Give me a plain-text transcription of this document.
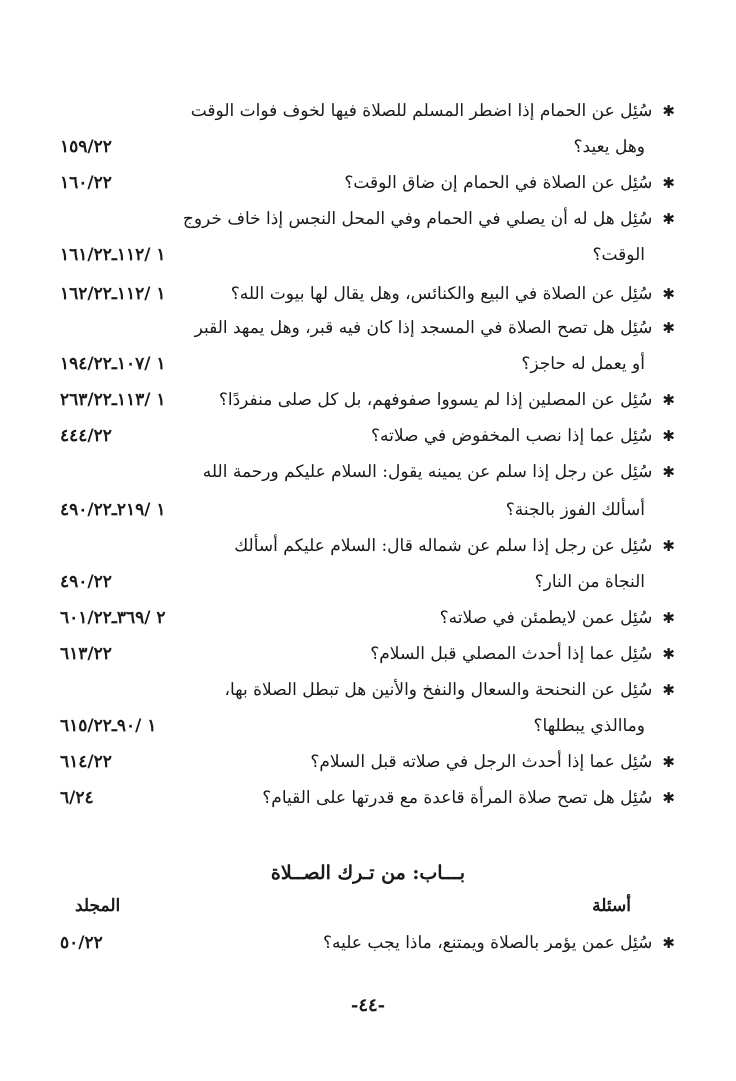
✱سُئِل عن الحمام إذا اضطر المسلم للصلاة فيها لخوف فوات الوقت
وهل يعيد؟
١٥٩/٢٢
✱سُئِل عن الصلاة في الحمام إن ضاق الوقت؟
١٦٠/٢٢
✱سُئِل هل له أن يصلي في الحمام وفي المحل النجس إذا خاف خروج
الوقت؟
١ /١١٢ـ١٦١/٢٢
✱سُئِل عن الصلاة في البيع والكنائس، وهل يقال لها بيوت الله؟
١ /١١٢ـ١٦٢/٢٢
✱سُئِل هل تصح الصلاة في المسجد إذا كان فيه قبر، وهل يمهد القبر
أو يعمل له حاجز؟
١ /١٠٧ـ١٩٤/٢٢
✱سُئِل عن المصلين إذا لم يسووا صفوفهم، بل كل صلى منفردًا؟
١ /١١٣ـ٢٦٣/٢٢
✱سُئِل عما إذا نصب المخفوض في صلاته؟
٤٤٤/٢٢
✱سُئِل عن رجل إذا سلم عن يمينه يقول: السلام عليكم ورحمة الله
أسألك الفوز بالجنة؟
١ /٢١٩ـ٤٩٠/٢٢
✱سُئِل عن رجل إذا سلم عن شماله قال: السلام عليكم أسألك
النجاة من النار؟
٤٩٠/٢٢
✱سُئِل عمن لايطمئن في صلاته؟
٢ /٣٦٩ـ٦٠١/٢٢
✱سُئِل عما إذا أحدث المصلي قبل السلام؟
٦١٣/٢٢
✱سُئِل عن النحنحة والسعال والنفخ والأنين هل تبطل الصلاة بها،
وماالذي يبطلها؟
١ /٩٠ـ٦١٥/٢٢
✱سُئِل عما إذا أحدث الرجل في صلاته قبل السلام؟
٦١٤/٢٢
✱سُئِل هل تصح صلاة المرأة قاعدة مع قدرتها على القيام؟
٦/٢٤
بـــاب: من تـرك الصــلاة
أسئلة
المجلد
✱سُئِل عمن يؤمر بالصلاة ويمتنع، ماذا يجب عليه؟
٥٠/٢٢
-٤٤-
